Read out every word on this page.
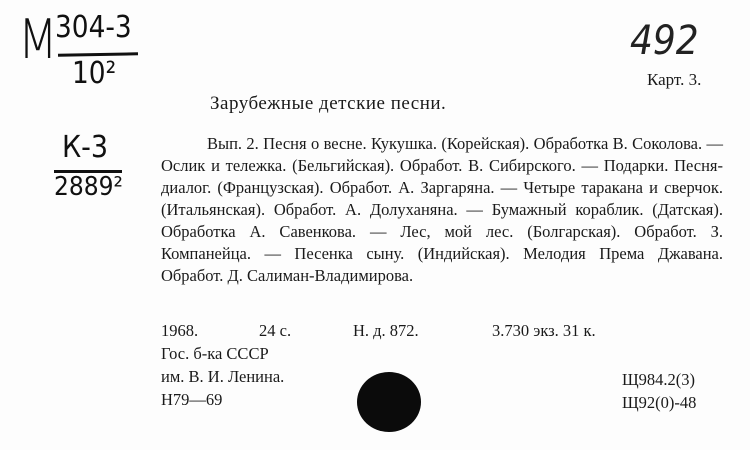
М 304-3
10²
К-3
2889²
492
Карт. 3.
Зарубежные детские песни.
Вып. 2. Песня о весне. Кукушка. (Корейская). Обработка В. Соколова. — Ослик и тележка. (Бельгийская). Обработ. В. Сибирского. — Подарки. Песня-диалог. (Французская). Обработ. А. Заргаряна. — Четыре таракана и сверчок. (Итальянская). Обработ. А. Долуханяна. — Бумажный кораблик. (Датская). Обработка А. Савенкова. — Лес, мой лес. (Болгарская). Обработ. З. Компанейца. — Песенка сыну. (Индийская). Мелодия Према Джавана. Обработ. Д. Салиман-Владимирова.
1968.	24 с.	Н. д. 872.	3.730 экз. 31 к.
Гос. б-ка СССР
им. В. И. Ленина.
Н79—69
Щ984.2(3)
Щ92(0)-48
